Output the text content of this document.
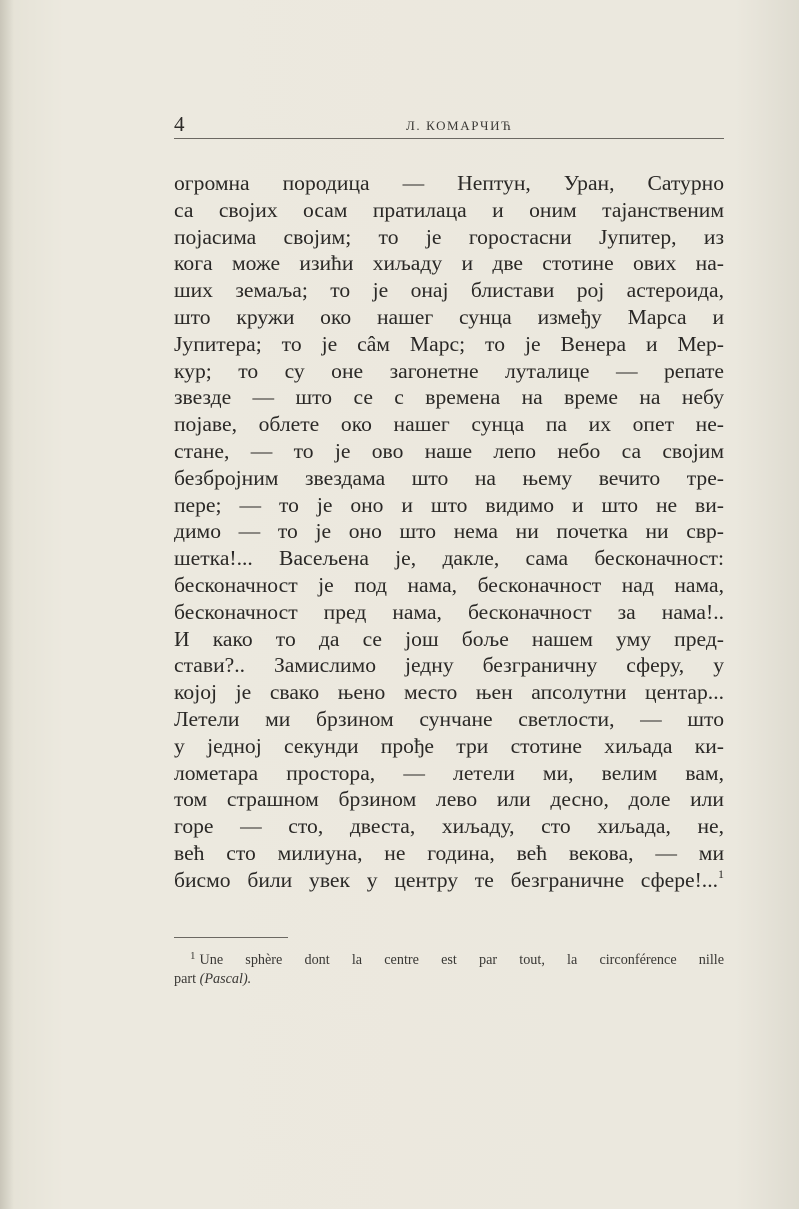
4	Л. КОМАРЧИЋ
огромна породица — Нептун, Уран, Сатурно
са својих осам пратилаца и оним тајанственим
појасима својим; то је горостасни Јупитер, из
кога може изићи хиљаду и две стотине ових на-
ших земаља; то је онај блистави рој астероида,
што кружи око нашег сунца између Марса и
Јупитера; то је сâм Марс; то је Венера и Мер-
кур; то су оне загонетне луталице — репате
звезде — што се с времена на време на небу
појаве, облете око нашег сунца па их опет не-
стане, — то је ово наше лепо небо са својим
безбројним звездама што на њему вечито тре-
пере; — то је оно и што видимо и што не ви-
димо — то је оно што нема ни почетка ни свр-
шетка!... Васељена је, дакле, сама бесконачност:
бесконачност је под нама, бесконачност над нама,
бесконачност пред нама, бесконачност за нама!..
И како то да се још боље нашем уму пред-
стави?.. Замислимо једну безграничну сферу, у
којој је свако њено место њен апсолутни центар...
Летели ми брзином сунчане светлости, — што
у једној секунди прође три стотине хиљада ки-
лометара простора, — летели ми, велим вам,
том страшном брзином лево или десно, доле или
горе — сто, двеста, хиљаду, сто хиљада, не,
већ сто милиуна, не година, већ векова, — ми
бисмо били увек у центру те безграничне сфере!...$^1$
$^1$ Une sphère dont la centre est par tout, la circonférence nille
part (Pascal).
